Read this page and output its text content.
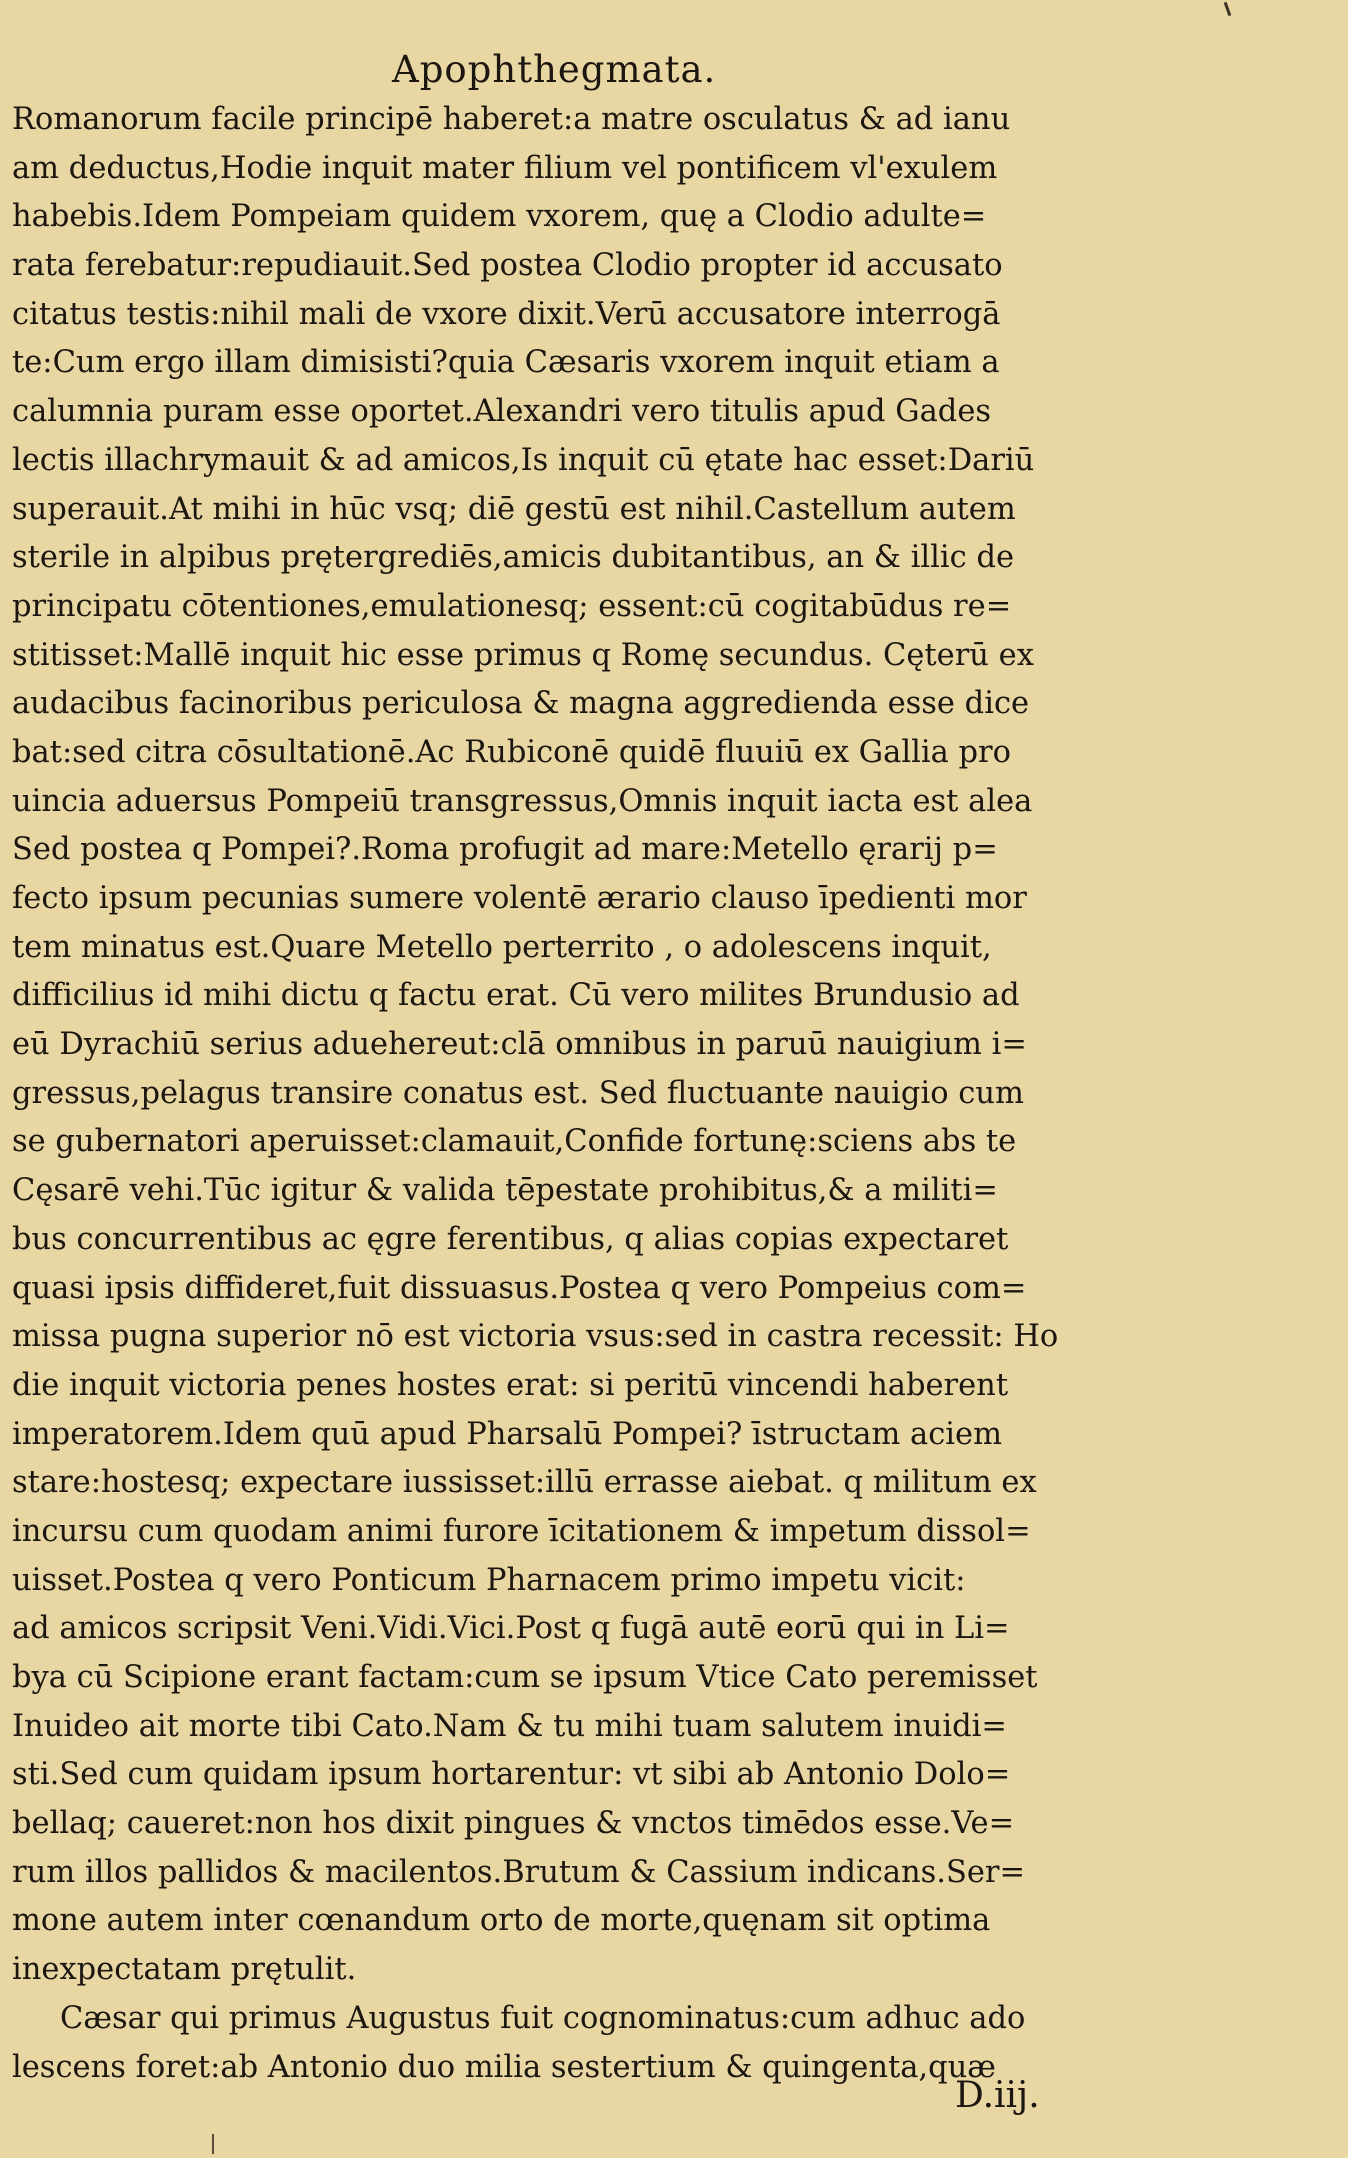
Apophthegmata.
Romanorum facile principē haberet:a matre osculatus & ad ianu
am deductus,Hodie inquit mater filium vel pontificem vl'exulem
habebis.Idem Pompeiam quidem vxorem, quę a Clodio adulte=
rata ferebatur:repudiauit.Sed postea Clodio propter id accusato
citatus testis:nihil mali de vxore dixit.Verū accusatore interrogā
te:Cum ergo illam dimisisti?quia Cæsaris vxorem inquit etiam a
calumnia puram esse oportet.Alexandri vero titulis apud Gades
lectis illachrymauit & ad amicos,Is inquit cū ętate hac esset:Dariū
superauit.At mihi in hūc vsq; diē gestū est nihil.Castellum autem
sterile in alpibus prętergrediēs,amicis dubitantibus, an & illic de
principatu cōtentiones,emulationesq; essent:cū cogitabūdus re=
stitisset:Mallē inquit hic esse primus q Romę secundus. Cęterū ex
audacibus facinoribus periculosa & magna aggredienda esse dice
bat:sed citra cōsultationē.Ac Rubiconē quidē fluuiū ex Gallia pro
uincia aduersus Pompeiū transgressus,Omnis inquit iacta est alea
Sed postea q Pompei?.Roma profugit ad mare:Metello ęrarij p=
fecto ipsum pecunias sumere volentē ærario clauso īpedienti mor
tem minatus est.Quare Metello perterrito , o adolescens inquit,
difficilius id mihi dictu q factu erat. Cū vero milites Brundusio ad
eū Dyrachiū serius aduehereut:clā omnibus in paruū nauigium i=
gressus,pelagus transire conatus est. Sed fluctuante nauigio cum
se gubernatori aperuisset:clamauit,Confide fortunę:sciens abs te
Cęsarē vehi.Tūc igitur & valida tēpestate prohibitus,& a militi=
bus concurrentibus ac ęgre ferentibus, q alias copias expectaret
quasi ipsis diffideret,fuit dissuasus.Postea q vero Pompeius com=
missa pugna superior nō est victoria vsus:sed in castra recessit: Ho
die inquit victoria penes hostes erat: si peritū vincendi haberent
imperatorem.Idem quū apud Pharsalū Pompei? īstructam aciem
stare:hostesq; expectare iussisset:illū errasse aiebat. q militum ex
incursu cum quodam animi furore īcitationem & impetum dissol=
uisset.Postea q vero Ponticum Pharnacem primo impetu vicit:
ad amicos scripsit Veni.Vidi.Vici.Post q fugā autē eorū qui in Li=
bya cū Scipione erant factam:cum se ipsum Vtice Cato peremisset
Inuideo ait morte tibi Cato.Nam & tu mihi tuam salutem inuidi=
sti.Sed cum quidam ipsum hortarentur: vt sibi ab Antonio Dolo=
bellaq; caueret:non hos dixit pingues & vnctos timēdos esse.Ve=
rum illos pallidos & macilentos.Brutum & Cassium indicans.Ser=
mone autem inter cœnandum orto de morte,quęnam sit optima
inexpectatam prętulit.
Cæsar qui primus Augustus fuit cognominatus:cum adhuc ado
lescens foret:ab Antonio duo milia sestertium & quingenta,quæ
D.iij.
